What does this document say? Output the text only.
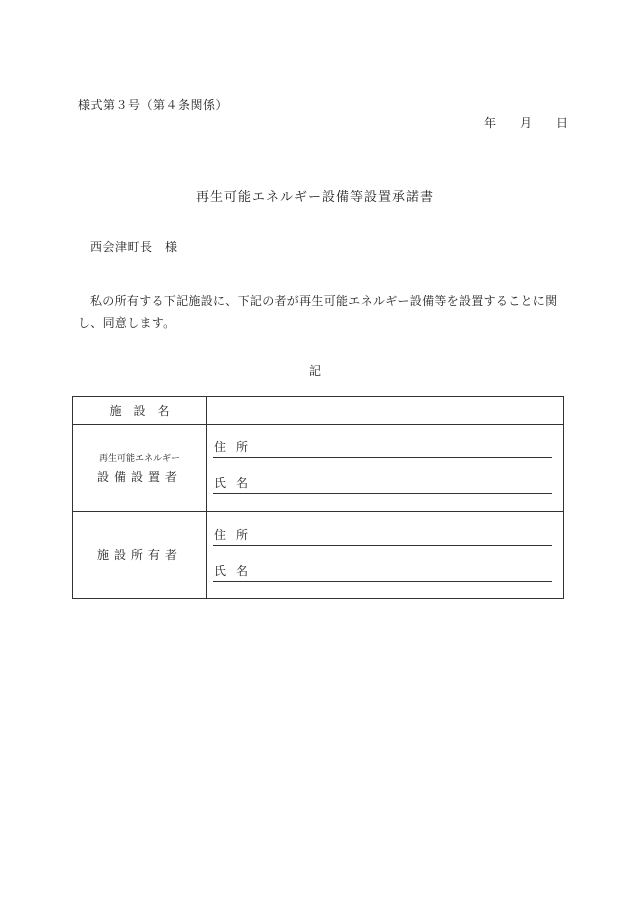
様式第３号（第４条関係）
年 月 日
再生可能エネルギー設備等設置承諾書
西会津町長　様
私の所有する下記施設に、下記の者が再生可能エネルギー設備等を設置することに関し、同意します。
記
施　設　名
再生可能エネルギー
設備設置者
住所
氏名
施設所有者
住所
氏名
